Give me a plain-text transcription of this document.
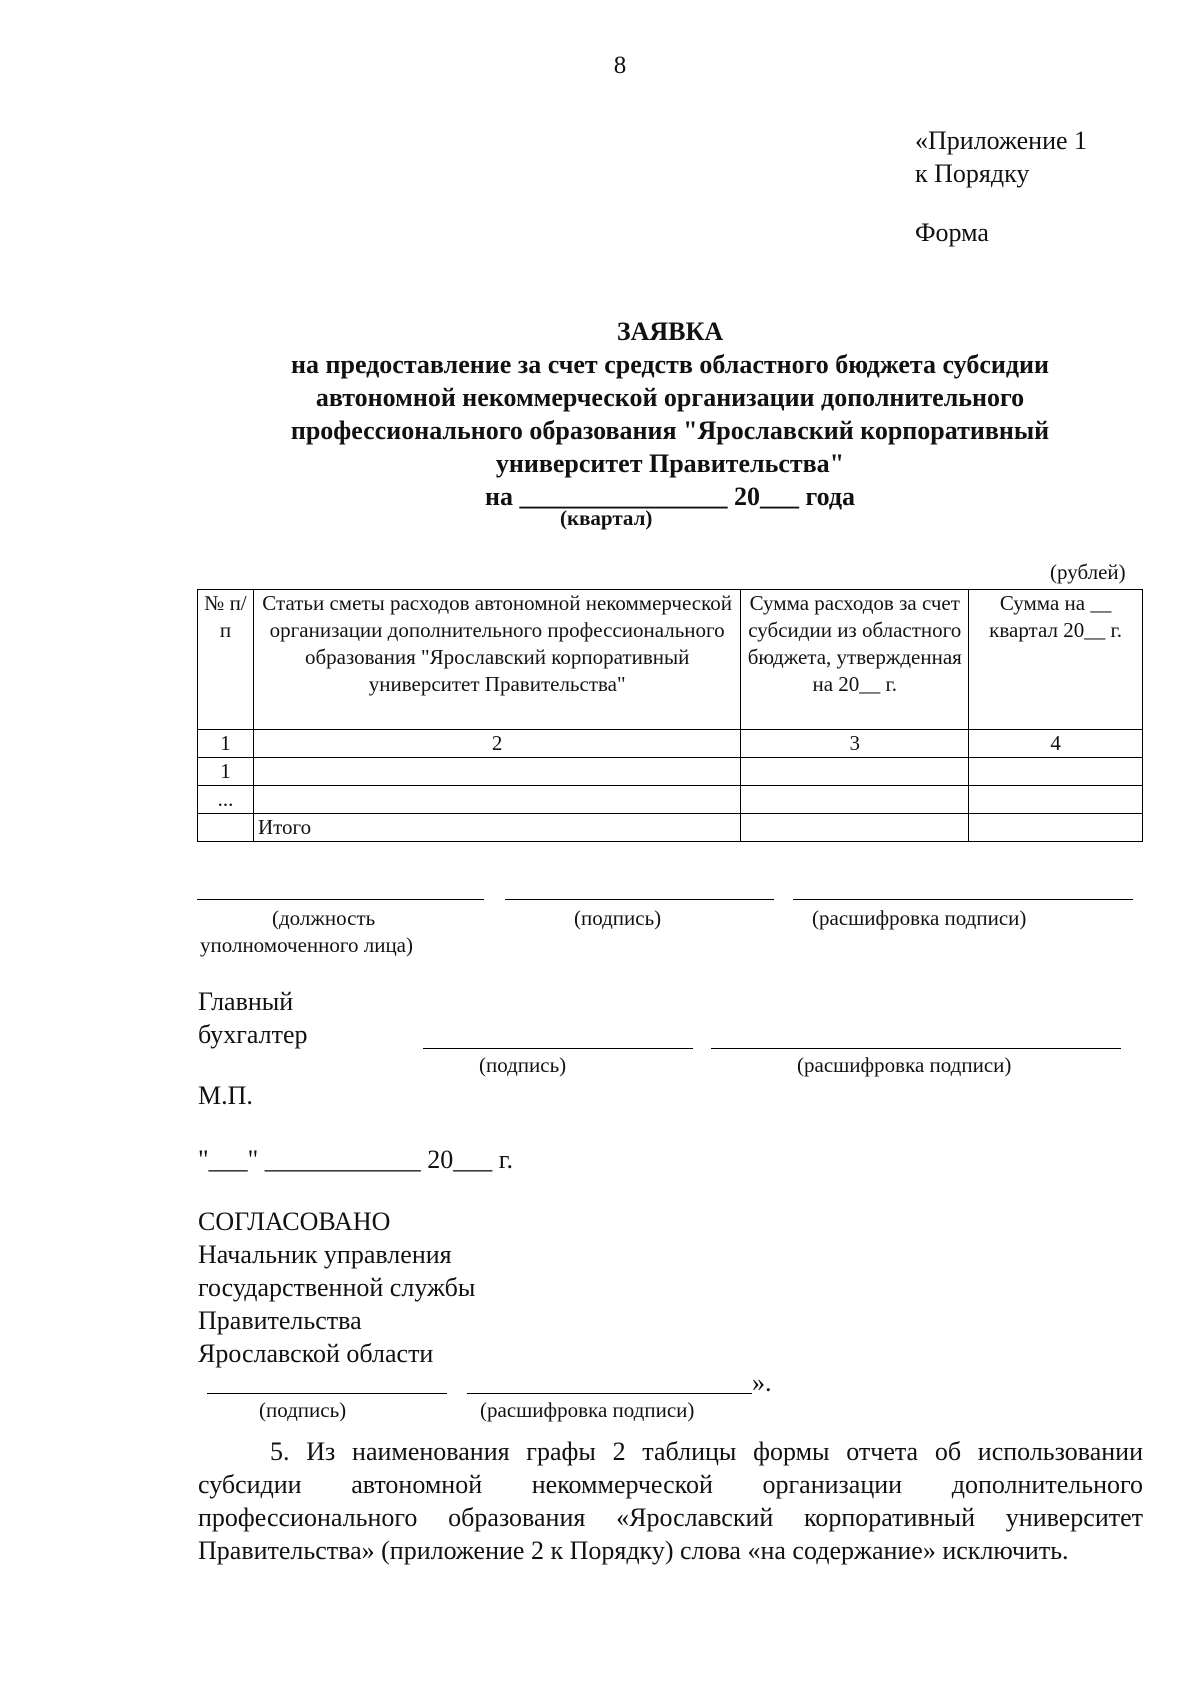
8
«Приложение 1
к Порядку
Форма
ЗАЯВКА
на предоставление за счет средств областного бюджета субсидии
автономной некоммерческой организации дополнительного
профессионального образования "Ярославский корпоративный
университет Правительства"
на ________________ 20___ года
(квартал)
(рублей)
№ п/п	Статьи сметы расходов автономной некоммерческой организации дополнительного профессионального образования "Ярославский корпоративный университет Правительства"	Сумма расходов за счет субсидии из областного бюджета, утвержденная на 20__ г.	Сумма на __ квартал 20__ г.
1	2	3	4
1			
...			
	Итого		
(должность
уполномоченного лица)
(подпись)	(расшифровка подписи)
Главный
бухгалтер
(подпись)	(расшифровка подписи)
М.П.
"___" ____________ 20___ г.
СОГЛАСОВАНО
Начальник управления
государственной службы
Правительства
Ярославской области
».
(подпись)	(расшифровка подписи)
5. Из наименования графы 2 таблицы формы отчета об использовании субсидии автономной некоммерческой организации дополнительного профессионального образования «Ярославский корпоративный университет Правительства» (приложение 2 к Порядку) слова «на содержание» исключить.
